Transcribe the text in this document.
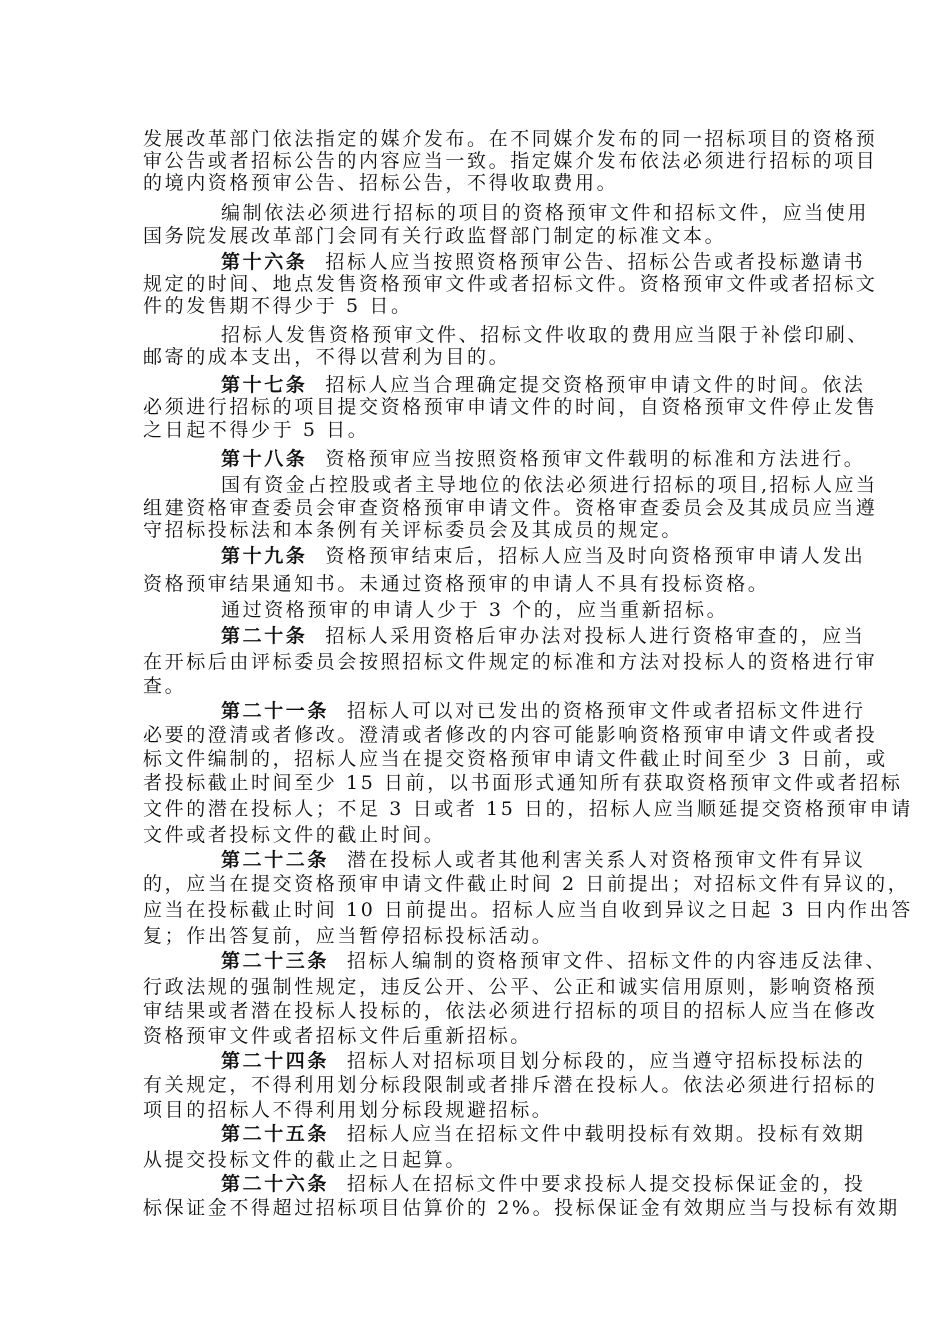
发展改革部门依法指定的媒介发布。在不同媒介发布的同一招标项目的资格预
审公告或者招标公告的内容应当一致。指定媒介发布依法必须进行招标的项目
的境内资格预审公告、招标公告，不得收取费用。
编制依法必须进行招标的项目的资格预审文件和招标文件，应当使用
国务院发展改革部门会同有关行政监督部门制定的标准文本。
第十六条 招标人应当按照资格预审公告、招标公告或者投标邀请书
规定的时间、地点发售资格预审文件或者招标文件。资格预审文件或者招标文
件的发售期不得少于 5 日。
招标人发售资格预审文件、招标文件收取的费用应当限于补偿印刷、
邮寄的成本支出，不得以营利为目的。
第十七条 招标人应当合理确定提交资格预审申请文件的时间。依法
必须进行招标的项目提交资格预审申请文件的时间，自资格预审文件停止发售
之日起不得少于 5 日。
第十八条 资格预审应当按照资格预审文件载明的标准和方法进行。
国有资金占控股或者主导地位的依法必须进行招标的项目,招标人应当
组建资格审查委员会审查资格预审申请文件。资格审查委员会及其成员应当遵
守招标投标法和本条例有关评标委员会及其成员的规定。
第十九条 资格预审结束后，招标人应当及时向资格预审申请人发出
资格预审结果通知书。未通过资格预审的申请人不具有投标资格。
通过资格预审的申请人少于 3 个的，应当重新招标。
第二十条 招标人采用资格后审办法对投标人进行资格审查的，应当
在开标后由评标委员会按照招标文件规定的标准和方法对投标人的资格进行审
查。
第二十一条 招标人可以对已发出的资格预审文件或者招标文件进行
必要的澄清或者修改。澄清或者修改的内容可能影响资格预审申请文件或者投
标文件编制的，招标人应当在提交资格预审申请文件截止时间至少 3 日前，或
者投标截止时间至少 15 日前，以书面形式通知所有获取资格预审文件或者招标
文件的潜在投标人；不足 3 日或者 15 日的，招标人应当顺延提交资格预审申请
文件或者投标文件的截止时间。
第二十二条 潜在投标人或者其他利害关系人对资格预审文件有异议
的，应当在提交资格预审申请文件截止时间 2 日前提出；对招标文件有异议的，
应当在投标截止时间 10 日前提出。招标人应当自收到异议之日起 3 日内作出答
复；作出答复前，应当暂停招标投标活动。
第二十三条 招标人编制的资格预审文件、招标文件的内容违反法律、
行政法规的强制性规定，违反公开、公平、公正和诚实信用原则，影响资格预
审结果或者潜在投标人投标的，依法必须进行招标的项目的招标人应当在修改
资格预审文件或者招标文件后重新招标。
第二十四条 招标人对招标项目划分标段的，应当遵守招标投标法的
有关规定，不得利用划分标段限制或者排斥潜在投标人。依法必须进行招标的
项目的招标人不得利用划分标段规避招标。
第二十五条 招标人应当在招标文件中载明投标有效期。投标有效期
从提交投标文件的截止之日起算。
第二十六条 招标人在招标文件中要求投标人提交投标保证金的，投
标保证金不得超过招标项目估算价的 2%。投标保证金有效期应当与投标有效期
